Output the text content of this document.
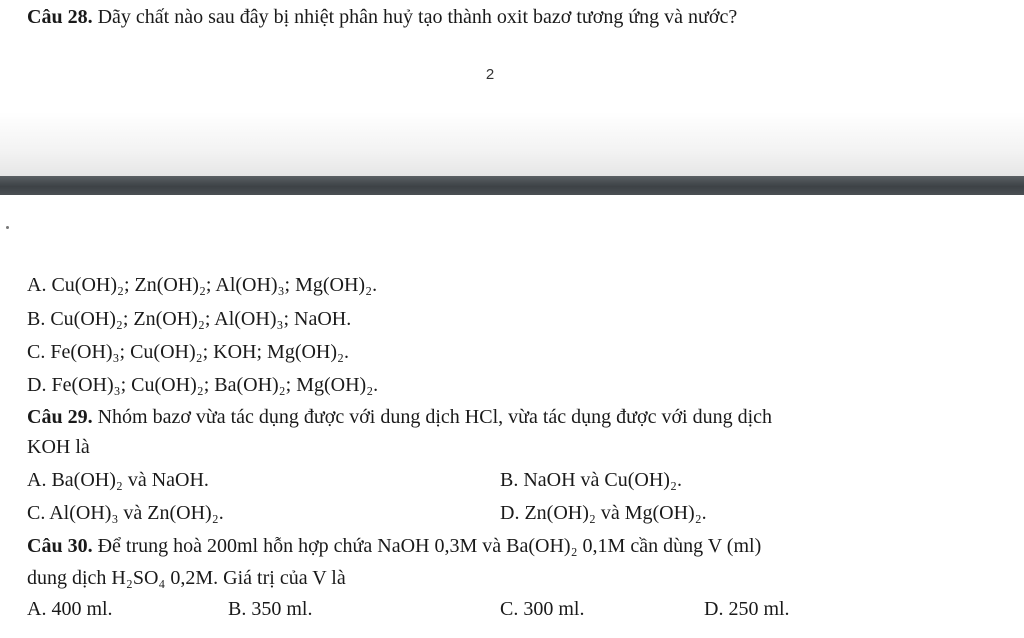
Câu 28. Dãy chất nào sau đây bị nhiệt phân huỷ tạo thành oxit bazơ tương ứng và nước?
2
A. Cu(OH)₂; Zn(OH)₂; Al(OH)₃; Mg(OH)₂.
B. Cu(OH)₂; Zn(OH)₂; Al(OH)₃; NaOH.
C. Fe(OH)₃; Cu(OH)₂; KOH; Mg(OH)₂.
D. Fe(OH)₃; Cu(OH)₂; Ba(OH)₂; Mg(OH)₂.
Câu 29. Nhóm bazơ vừa tác dụng được với dung dịch HCl, vừa tác dụng được với dung dịch
KOH là
A. Ba(OH)₂ và NaOH.	B. NaOH và Cu(OH)₂.
C. Al(OH)₃ và Zn(OH)₂.	D. Zn(OH)₂ và Mg(OH)₂.
Câu 30. Để trung hoà 200ml hỗn hợp chứa NaOH 0,3M và Ba(OH)₂ 0,1M cần dùng V (ml)
dung dịch H₂SO₄ 0,2M. Giá trị của V là
A. 400 ml.	B. 350 ml.	C. 300 ml.	D. 250 ml.
